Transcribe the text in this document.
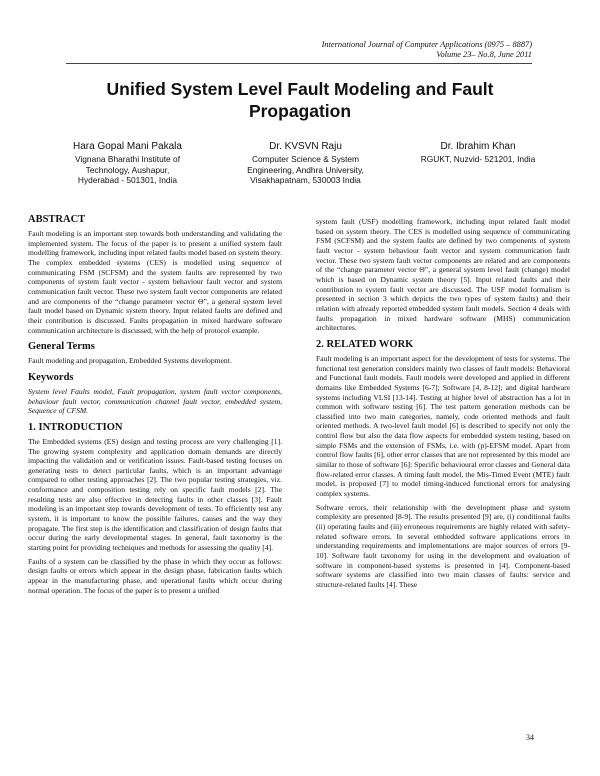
International Journal of Computer Applications (0975 – 8887)
Volume 23– No.8, June 2011
Unified System Level Fault Modeling and Fault Propagation
Hara Gopal Mani Pakala
Vignana Bharathi Institute of
Technology, Aushapur,
Hyderabad - 501301, India
Dr. KVSVN Raju
Computer Science & System
Engineering, Andhra University,
Visakhapatnam, 530003 India
Dr. Ibrahim Khan
RGUKT, Nuzvid- 521201, India
ABSTRACT

Fault modeling is an important step towards both understanding and validating the implemented system. The focus of the paper is to present a unified system fault modelling framework, including input related faults model based on system theory. The complex embedded systems (CES) is modelled using sequence of communicating FSM (SCFSM) and the system faults are represented by two components of system fault vector - system behaviour fault vector and system communication fault vector. These two system fault vector components are related and are components of the “change parameter vector Θ”, a general system level fault model based on Dynamic system theory. Input related faults are defined and their contribution is discussed. Faults propagation in mixed hardware software communication architecture is discussed, with the help of protocol example.

General Terms

Fault modeling and propagation, Embedded Systems development.

Keywords

System level Faults model, Fault propagation, system fault vector components, behaviour fault vector, communication channel fault vector, embedded system, Sequence of CFSM.

1. INTRODUCTION

The Embedded systems (ES) design and testing process are very challenging [1]. The growing system complexity and application domain demands are directly impacting the validation and or verification issues. Fault-based testing focuses on generating tests to detect particular faults, which is an important advantage compared to other testing approaches [2]. The two popular testing strategies, viz. conformance and composition testing rely on specific fault models [2]. The resulting tests are also effective in detecting faults in other classes [3]. Fault modeling is an important step towards development of tests. To efficiently test any system, it is important to know the possible failures, causes and the way they propagate. The first step is the identification and classification of design faults that occur during the early developmental stages. In general, fault taxonomy is the starting point for providing techniques and methods for assessing the quality [4].

Faults of a system can be classified by the phase in which they occur as follows: design faults or errors which appear in the design phase, fabrication faults which appear in the manufacturing phase, and operational faults which occur during normal operation. The focus of the paper is to present a unified

system fault (USF) modelling framework, including input related fault model based on system theory. The CES is modelled using sequence of communicating FSM (SCFSM) and the system faults are defined by two components of system fault vector - system behaviour fault vector and system communication fault vector. These two system fault vector components are related and are components of the “change parameter vector Θ”, a general system level fault (change) model which is based on Dynamic system theory [5]. Input related faults and their contribution to system fault vector are discussed. The USF model formalism is presented in section 3 which depicts the two types of system faults) and their relation with already reported embedded system fault models. Section 4 deals with faults propagation in mixed hardware software (MHS) communication architectures.

2. RELATED WORK

Fault modeling is an important aspect for the development of tests for systems. The functional test generation considers mainly two classes of fault models: Behavioral and Functional fault models. Fault models were developed and applied in different domains like Embedded Systems [6-7]; Software [4, 8-12]; and digital hardware systems including VLSI [13-14]. Testing at higher level of abstraction has a lot in common with software testing [6]. The test pattern generation methods can be classified into two main categories, namely, code oriented methods and fault oriented methods. A two-level fault model [6] is described to specify not only the control flow but also the data flow aspects for embedded system testing, based on simple FSMs and the extension of FSMs, i.e. with (p)-EFSM model. Apart from control flow faults [6], other error classes that are not represented by this model are similar to those of software [6]: Specific behavioural error classes and General data flow-related error classes. A timing fault model, the Mis-Timed Event (MTE) fault model, is proposed [7] to model timing-induced functional errors for analysing complex systems.

Software errors, their relationship with the development phase and system complexity are presented [8-9]. The results presented [9] are, (i) conditional faults (ii) operating faults and (iii) erroneous requirements are highly related with safety-related software errors. In several embedded software applications errors in understanding requirements and implementations are major sources of errors [9-10]. Software fault taxonomy for using in the development and evaluation of software in component-based systems is presented in [4]. Component-based software systems are classified into two main classes of faults: service and structure-related faults [4]. These

34
